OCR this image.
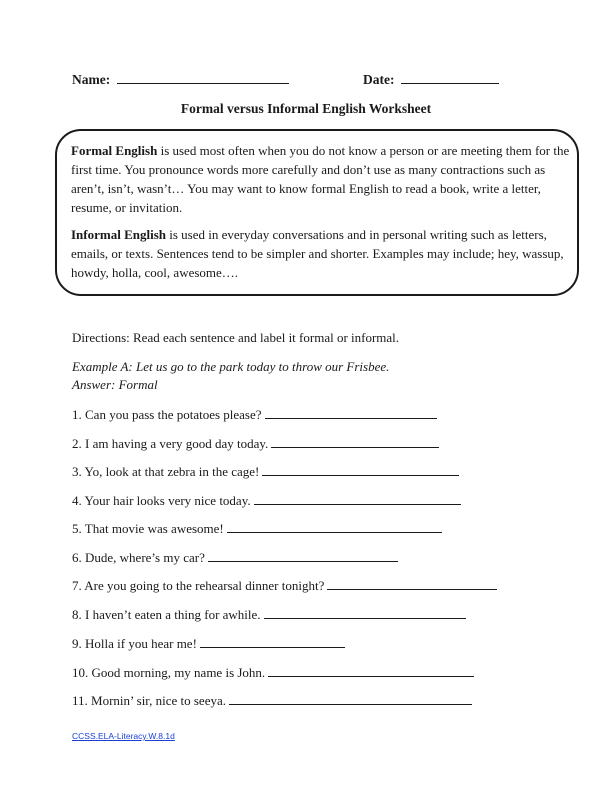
Name:	Date:
Formal versus Informal English Worksheet

Formal English is used most often when you do not know a person or are meeting them for the first time. You pronounce words more carefully and don’t use as many contractions such as aren’t, isn’t, wasn’t… You may want to know formal English to read a book, write a letter, resume, or invitation.

Informal English is used in everyday conversations and in personal writing such as letters, emails, or texts. Sentences tend to be simpler and shorter. Examples may include; hey, wassup, howdy, holla, cool, awesome….

Directions: Read each sentence and label it formal or informal.
Example A: Let us go to the park today to throw our Frisbee.
Answer: Formal
1. Can you pass the potatoes please?
2. I am having a very good day today.
3. Yo, look at that zebra in the cage!
4. Your hair looks very nice today.
5. That movie was awesome!
6. Dude, where’s my car?
7. Are you going to the rehearsal dinner tonight?
8. I haven’t eaten a thing for awhile.
9. Holla if you hear me!
10. Good morning, my name is John.
11. Mornin’ sir, nice to seeya.
CCSS.ELA-Literacy.W.8.1d
